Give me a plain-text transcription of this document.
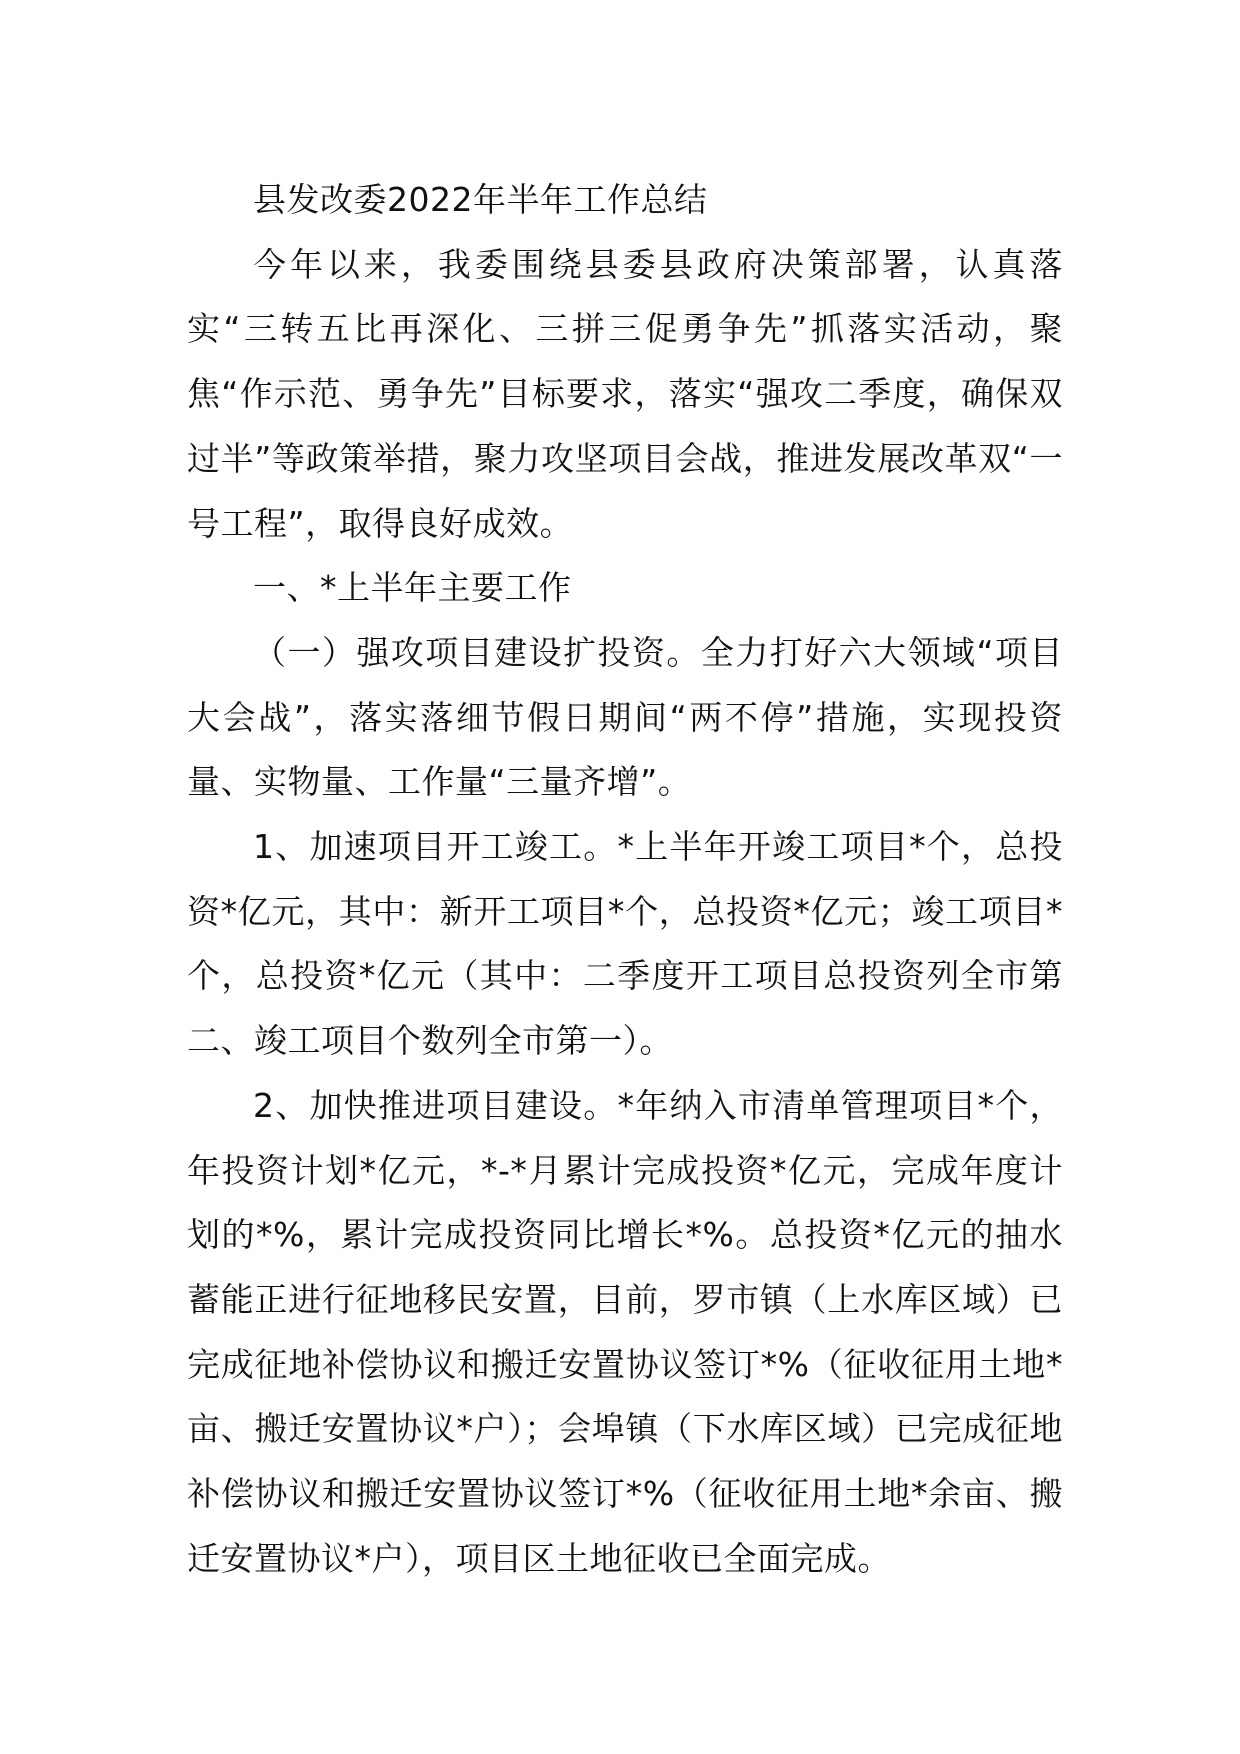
县发改委2022年半年工作总结

今年以来，我委围绕县委县政府决策部署，认真落实“三转五比再深化、三拼三促勇争先”抓落实活动，聚焦“作示范、勇争先”目标要求，落实“强攻二季度，确保双过半”等政策举措，聚力攻坚项目会战，推进发展改革双“一号工程”，取得良好成效。

一、*上半年主要工作

（一）强攻项目建设扩投资。全力打好六大领域“项目大会战”，落实落细节假日期间“两不停”措施，实现投资量、实物量、工作量“三量齐增”。

1、加速项目开工竣工。*上半年开竣工项目*个，总投资*亿元，其中：新开工项目*个，总投资*亿元；竣工项目*个，总投资*亿元（其中：二季度开工项目总投资列全市第二、竣工项目个数列全市第一）。

2、加快推进项目建设。*年纳入市清单管理项目*个，年投资计划*亿元，*-*月累计完成投资*亿元，完成年度计划的*%，累计完成投资同比增长*%。总投资*亿元的抽水蓄能正进行征地移民安置，目前，罗市镇（上水库区域）已完成征地补偿协议和搬迁安置协议签订*%（征收征用土地*亩、搬迁安置协议*户）；会埠镇（下水库区域）已完成征地补偿协议和搬迁安置协议签订*%（征收征用土地*余亩、搬迁安置协议*户），项目区土地征收已全面完成。
